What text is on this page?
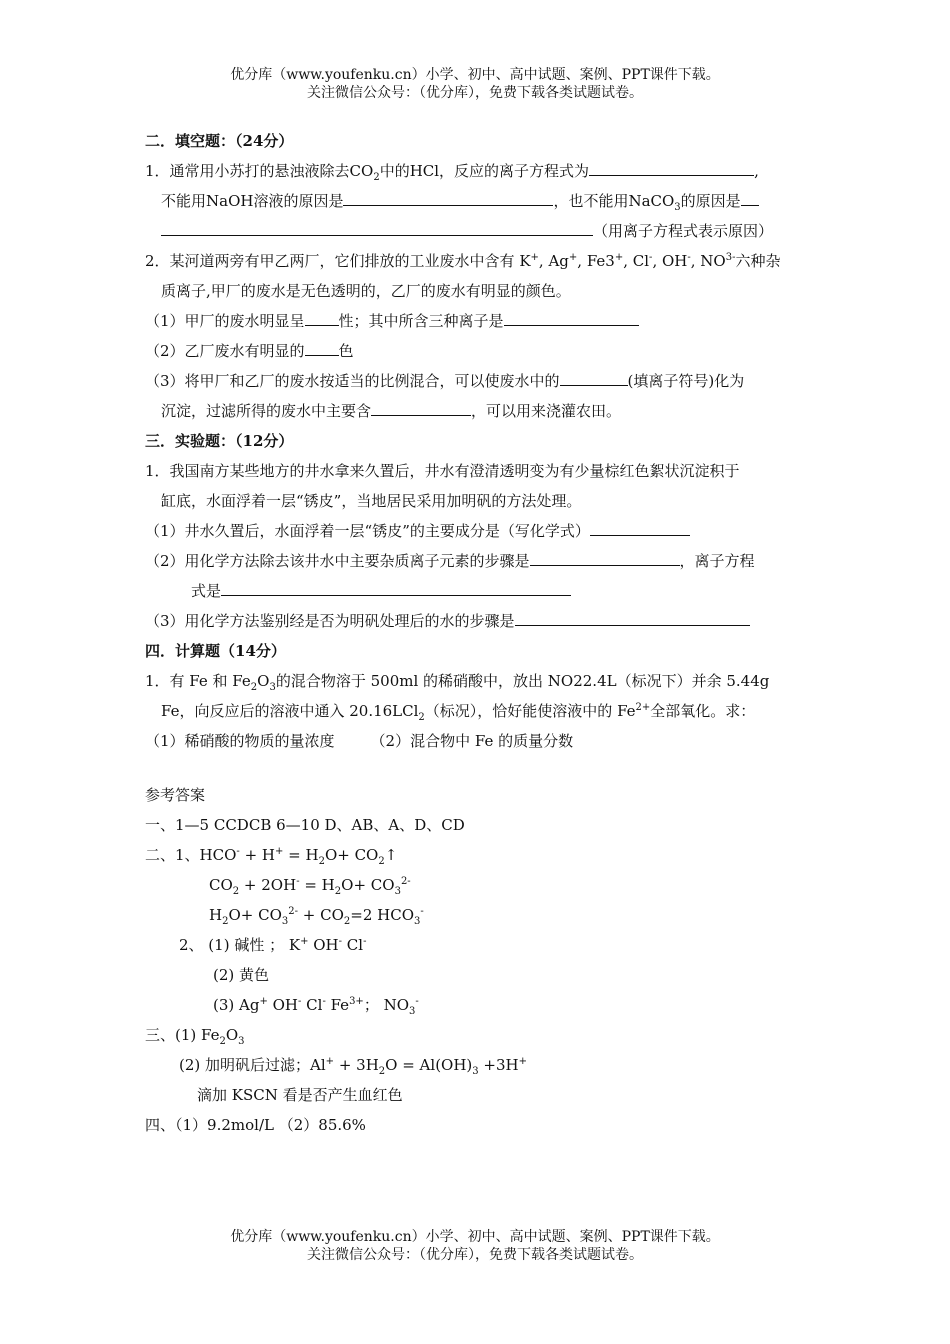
优分库（www.youfenku.cn）小学、初中、高中试题、案例、PPT课件下载。
关注微信公众号：（优分库），免费下载各类试题试卷。
二．填空题：（24分）
1．通常用小苏打的悬浊液除去$CO_2$中的HCl，反应的离子方程式为	,
不能用NaOH溶液的原因是	，也不能用NaCO$_3$的原因是
（用离子方程式表示原因）
2．某河道两旁有甲乙两厂，它们排放的工业废水中含有 K+, Ag+, Fe3+, Cl-, OH-, $NO^{3-}$六种杂
质离子,甲厂的废水是无色透明的，乙厂的废水有明显的颜色。
（1）甲厂的废水明显呈 性；其中所含三种离子是
（2）乙厂废水有明显的 色
（3）将甲厂和乙厂的废水按适当的比例混合，可以使废水中的	(填离子符号)化为
沉淀，过滤所得的废水中主要含	，可以用来浇灌农田。
三．实验题：（12分）
1．我国南方某些地方的井水拿来久置后，井水有澄清透明变为有少量棕红色絮状沉淀积于
缸底，水面浮着一层“锈皮”，当地居民采用加明矾的方法处理。
（1）井水久置后，水面浮着一层“锈皮”的主要成分是（写化学式）
（2）用化学方法除去该井水中主要杂质离子元素的步骤是	，离子方程
式是
（3）用化学方法鉴别经是否为明矾处理后的水的步骤是
四．计算题（14分）
1．有 Fe 和 $Fe_2O_3$的混合物溶于 500ml 的稀硝酸中，放出 NO22.4L（标况下）并余 5.44g
Fe，向反应后的溶液中通入 20.16LCl$_2$（标况），恰好能使溶液中的 $Fe^{2+}$全部氧化。求：
（1）稀硝酸的物质的量浓度 （2）混合物中 Fe 的质量分数
参考答案
一、1—5 CCDCB 6—10 D、AB、A、D、CD
二、1、$HCO^- + H^+ = H_2O+$ $CO_2↑$
$CO_2 + 2OH^- = H_2O+ CO_3^{2-}$
$H_2O+ CO_3^{2-} + CO_2=2$ $HCO_3^-$
2、 (1) 碱性 ； K+ OH- Cl-
(2) 黄色
(3) Ag+ OH- Cl- $Fe^{3+}$； $NO_3^-$
三、(1) $Fe_2O_3$
(2) 加明矾后过滤；$Al^+ + 3H_2O = Al(OH)_3 +3H^+$
滴加 KSCN 看是否产生血红色
四、（1）9.2mol/L （2）85.6%
优分库（www.youfenku.cn）小学、初中、高中试题、案例、PPT课件下载。
关注微信公众号：（优分库），免费下载各类试题试卷。
